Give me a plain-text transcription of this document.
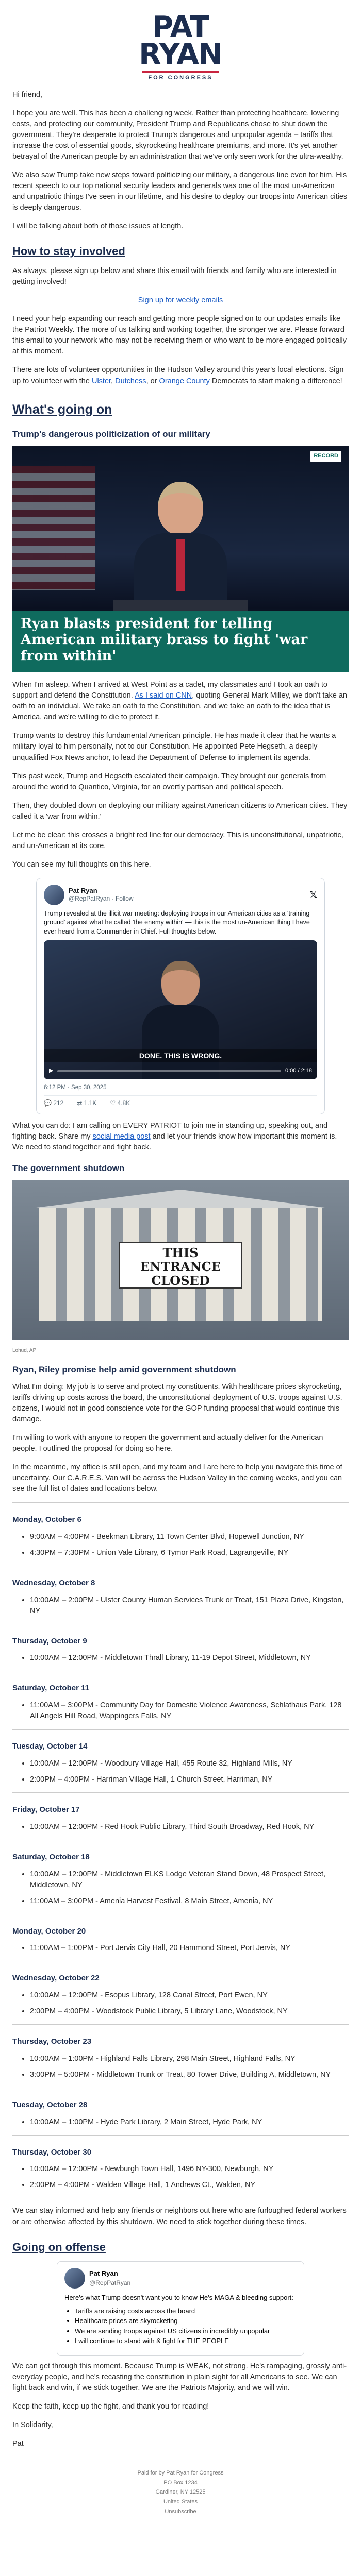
PAT
RYAN
FOR CONGRESS

Hi friend,

I hope you are well. This has been a challenging week. Rather than protecting healthcare, lowering costs, and protecting our community, President Trump and Republicans chose to shut down the government. They're desperate to protect Trump's dangerous and unpopular agenda – tariffs that increase the cost of essential goods, skyrocketing healthcare premiums, and more. It's yet another betrayal of the American people by an administration that we've only seen work for the ultra-wealthy.

We also saw Trump take new steps toward politicizing our military, a dangerous line even for him. His recent speech to our top national security leaders and generals was one of the most un-American and unpatriotic things I've seen in our lifetime, and his desire to deploy our troops into American cities is deeply dangerous.

I will be talking about both of those issues at length.

How to stay involved

As always, please sign up below and share this email with friends and family who are interested in getting involved!

Sign up for weekly emails

I need your help expanding our reach and getting more people signed on to our updates emails like the Patriot Weekly. The more of us talking and working together, the stronger we are. Please forward this email to your network who may not be receiving them or who want to be more engaged politically at this moment.

There are lots of volunteer opportunities in the Hudson Valley around this year's local elections. Sign up to volunteer with the Ulster, Dutchess, or Orange County Democrats to start making a difference!

What's going on
Trump's dangerous politicization of our military
RECORD
Ryan blasts president for telling American military brass to fight 'war from within'

When I'm asleep. When I arrived at West Point as a cadet, my classmates and I took an oath to support and defend the Constitution. As I said on CNN, quoting General Mark Milley, we don't take an oath to an individual. We take an oath to the Constitution, and we take an oath to the idea that is America, and we're willing to die to protect it.

Trump wants to destroy this fundamental American principle. He has made it clear that he wants a military loyal to him personally, not to our Constitution. He appointed Pete Hegseth, a deeply unqualified Fox News anchor, to lead the Department of Defense to implement its agenda.

This past week, Trump and Hegseth escalated their campaign. They brought our generals from around the world to Quantico, Virginia, for an overtly partisan and political speech.

Then, they doubled down on deploying our military against American citizens to American cities. They called it a 'war from within.'

Let me be clear: this crosses a bright red line for our democracy. This is unconstitutional, unpatriotic, and un-American at its core.

You can see my full thoughts on this here.

Pat Ryan
@RepPatRyan · Follow	𝕏
Trump revealed at the illicit war meeting: deploying troops in our American cities as a 'training ground' against what he called 'the enemy within' — this is the most un-American thing I have ever heard from a Commander in Chief. Full thoughts below.
DONE. THIS IS WRONG.
▶	0:00 / 2:18
6:12 PM · Sep 30, 2025
💬 212 ⇄ 1.1K ♡ 4.8K

What you can do: I am calling on EVERY PATRIOT to join me in standing up, speaking out, and fighting back. Share my social media post and let your friends know how important this moment is. We need to stand together and fight back.

The government shutdown
THIS
ENTRANCE
CLOSED
Lohud, AP
Ryan, Riley promise help amid government shutdown

What I'm doing: My job is to serve and protect my constituents. With healthcare prices skyrocketing, tariffs driving up costs across the board, the unconstitutional deployment of U.S. troops against U.S. citizens, I would not in good conscience vote for the GOP funding proposal that would continue this damage.

I'm willing to work with anyone to reopen the government and actually deliver for the American people. I outlined the proposal for doing so here.

In the meantime, my office is still open, and my team and I are here to help you navigate this time of uncertainty. Our C.A.R.E.S. Van will be across the Hudson Valley in the coming weeks, and you can see the full list of dates and locations below.

Monday, October 6
• 9:00AM – 4:00PM - Beekman Library, 11 Town Center Blvd, Hopewell Junction, NY
• 4:30PM – 7:30PM - Union Vale Library, 6 Tymor Park Road, Lagrangeville, NY
Wednesday, October 8
• 10:00AM – 2:00PM - Ulster County Human Services Trunk or Treat, 151 Plaza Drive, Kingston, NY
Thursday, October 9
• 10:00AM – 12:00PM - Middletown Thrall Library, 11-19 Depot Street, Middletown, NY
Saturday, October 11
• 11:00AM – 3:00PM - Community Day for Domestic Violence Awareness, Schlathaus Park, 128 All Angels Hill Road, Wappingers Falls, NY
Tuesday, October 14
• 10:00AM – 12:00PM - Woodbury Village Hall, 455 Route 32, Highland Mills, NY
• 2:00PM – 4:00PM - Harriman Village Hall, 1 Church Street, Harriman, NY
Friday, October 17
• 10:00AM – 12:00PM - Red Hook Public Library, Third South Broadway, Red Hook, NY
Saturday, October 18
• 10:00AM – 12:00PM - Middletown ELKS Lodge Veteran Stand Down, 48 Prospect Street, Middletown, NY
• 11:00AM – 3:00PM - Amenia Harvest Festival, 8 Main Street, Amenia, NY
Monday, October 20
• 11:00AM – 1:00PM - Port Jervis City Hall, 20 Hammond Street, Port Jervis, NY
Wednesday, October 22
• 10:00AM – 12:00PM - Esopus Library, 128 Canal Street, Port Ewen, NY
• 2:00PM – 4:00PM - Woodstock Public Library, 5 Library Lane, Woodstock, NY
Thursday, October 23
• 10:00AM – 1:00PM - Highland Falls Library, 298 Main Street, Highland Falls, NY
• 3:00PM – 5:00PM - Middletown Trunk or Treat, 80 Tower Drive, Building A, Middletown, NY
Tuesday, October 28
• 10:00AM – 1:00PM - Hyde Park Library, 2 Main Street, Hyde Park, NY
Thursday, October 30
• 10:00AM – 12:00PM - Newburgh Town Hall, 1496 NY-300, Newburgh, NY
• 2:00PM – 4:00PM - Walden Village Hall, 1 Andrews Ct., Walden, NY

We can stay informed and help any friends or neighbors out here who are furloughed federal workers or are otherwise affected by this shutdown. We need to stick together during these times.

Going on offense
Pat Ryan
@RepPatRyan
Here's what Trump doesn't want you to know He's MAGA & bleeding support:
• Tariffs are raising costs across the board
• Healthcare prices are skyrocketing
• We are sending troops against US citizens in incredibly unpopular
• I will continue to stand with & fight for THE PEOPLE

We can get through this moment. Because Trump is WEAK, not strong. He's rampaging, grossly anti-everyday people, and he's recasting the constitution in plain sight for all Americans to see. We can fight back and win, if we stick together. We are the Patriots Majority, and we will win.

Keep the faith, keep up the fight, and thank you for reading!

In Solidarity,

Pat

Paid for by Pat Ryan for Congress
PO Box 1234
Gardiner, NY 12525
United States
Unsubscribe
